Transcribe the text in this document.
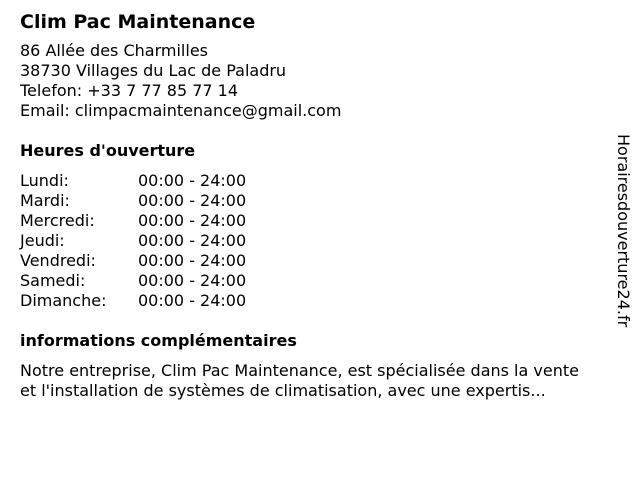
Clim Pac Maintenance
86 Allée des Charmilles
38730 Villages du Lac de Paladru
Telefon: +33 7 77 85 77 14
Email: climpacmaintenance@gmail.com
Heures d'ouverture
Lundi:	00:00 - 24:00
Mardi:	00:00 - 24:00
Mercredi:	00:00 - 24:00
Jeudi:	00:00 - 24:00
Vendredi:	00:00 - 24:00
Samedi:	00:00 - 24:00
Dimanche:	00:00 - 24:00
informations complémentaires
Notre entreprise, Clim Pac Maintenance, est spécialisée dans la vente
et l'installation de systèmes de climatisation, avec une expertis...
Horairesdouverture24.fr
